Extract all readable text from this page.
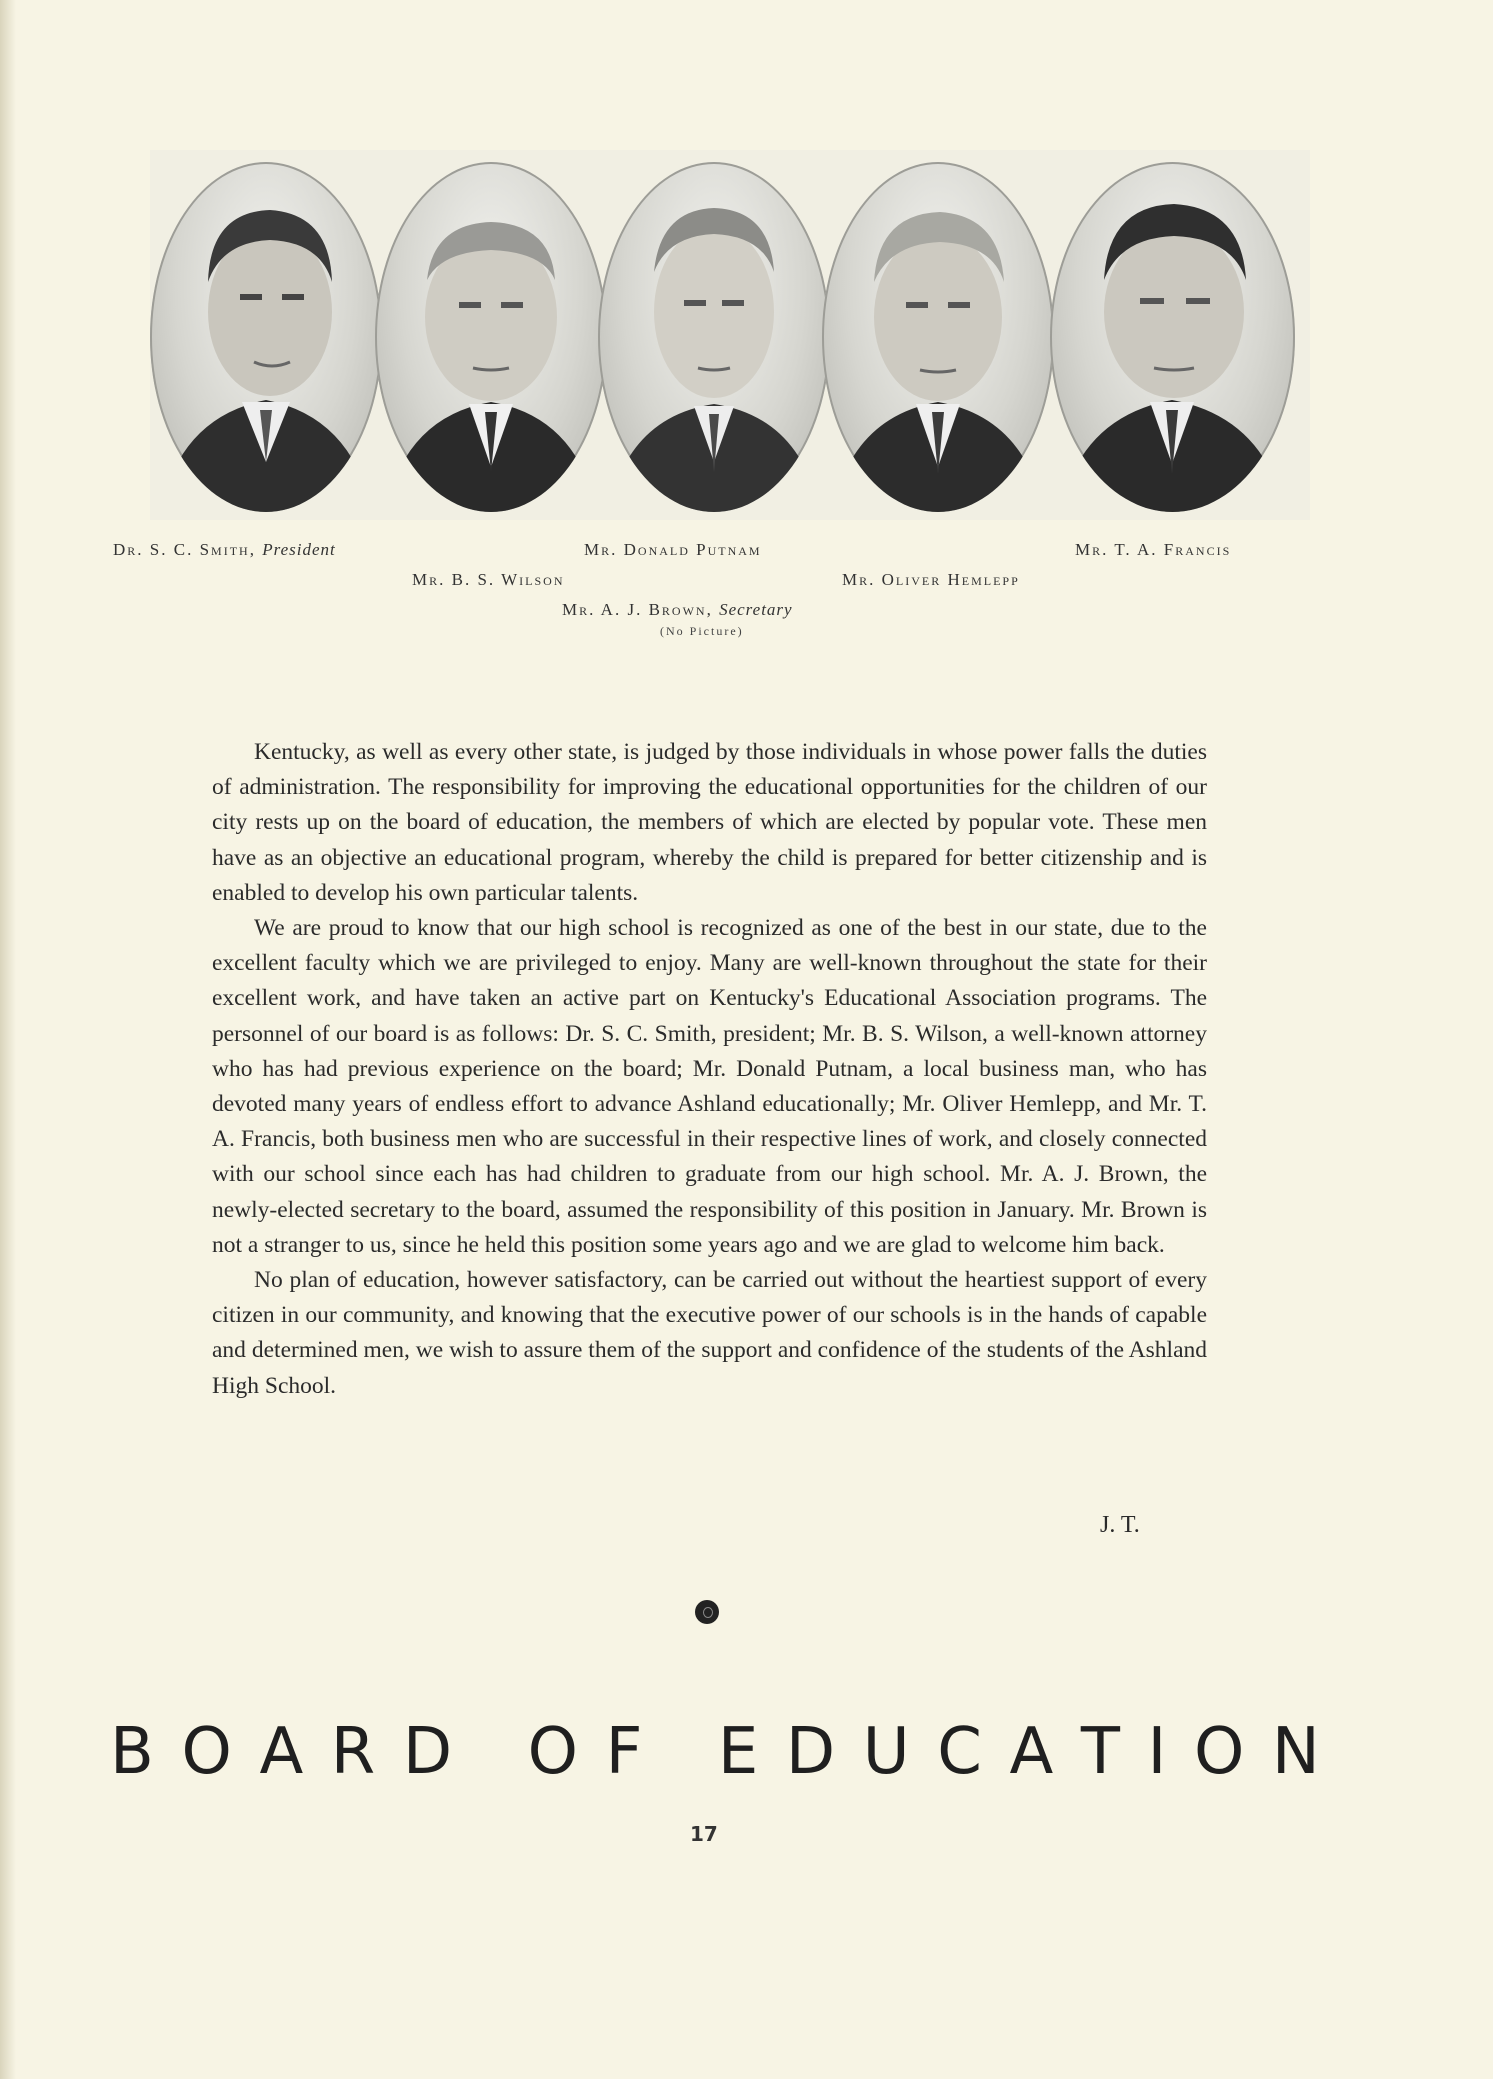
Dr. S. C. Smith, President	Mr. Donald Putnam	Mr. T. A. Francis
Mr. B. S. Wilson	Mr. Oliver Hemlepp
Mr. A. J. Brown, Secretary
(No Picture)

Kentucky, as well as every other state, is judged by those individuals in whose power falls the duties of administration. The responsibility for improving the educational opportunities for the children of our city rests up on the board of education, the members of which are elected by popular vote. These men have as an objective an educational program, whereby the child is prepared for better citizenship and is enabled to develop his own particular talents.

We are proud to know that our high school is recognized as one of the best in our state, due to the excellent faculty which we are privileged to enjoy. Many are well-known throughout the state for their excellent work, and have taken an active part on Kentucky's Educational Association programs. The personnel of our board is as follows: Dr. S. C. Smith, president; Mr. B. S. Wilson, a well-known attorney who has had previous experience on the board; Mr. Donald Putnam, a local business man, who has devoted many years of endless effort to advance Ashland educationally; Mr. Oliver Hemlepp, and Mr. T. A. Francis, both business men who are successful in their respective lines of work, and closely connected with our school since each has had children to graduate from our high school. Mr. A. J. Brown, the newly-elected secretary to the board, assumed the responsibility of this position in January. Mr. Brown is not a stranger to us, since he held this position some years ago and we are glad to welcome him back.

No plan of education, however satisfactory, can be carried out without the heartiest support of every citizen in our community, and knowing that the executive power of our schools is in the hands of capable and determined men, we wish to assure them of the support and confidence of the students of the Ashland High School.

J. T.
B O A R D
O F
E D U C A T I O N
17
